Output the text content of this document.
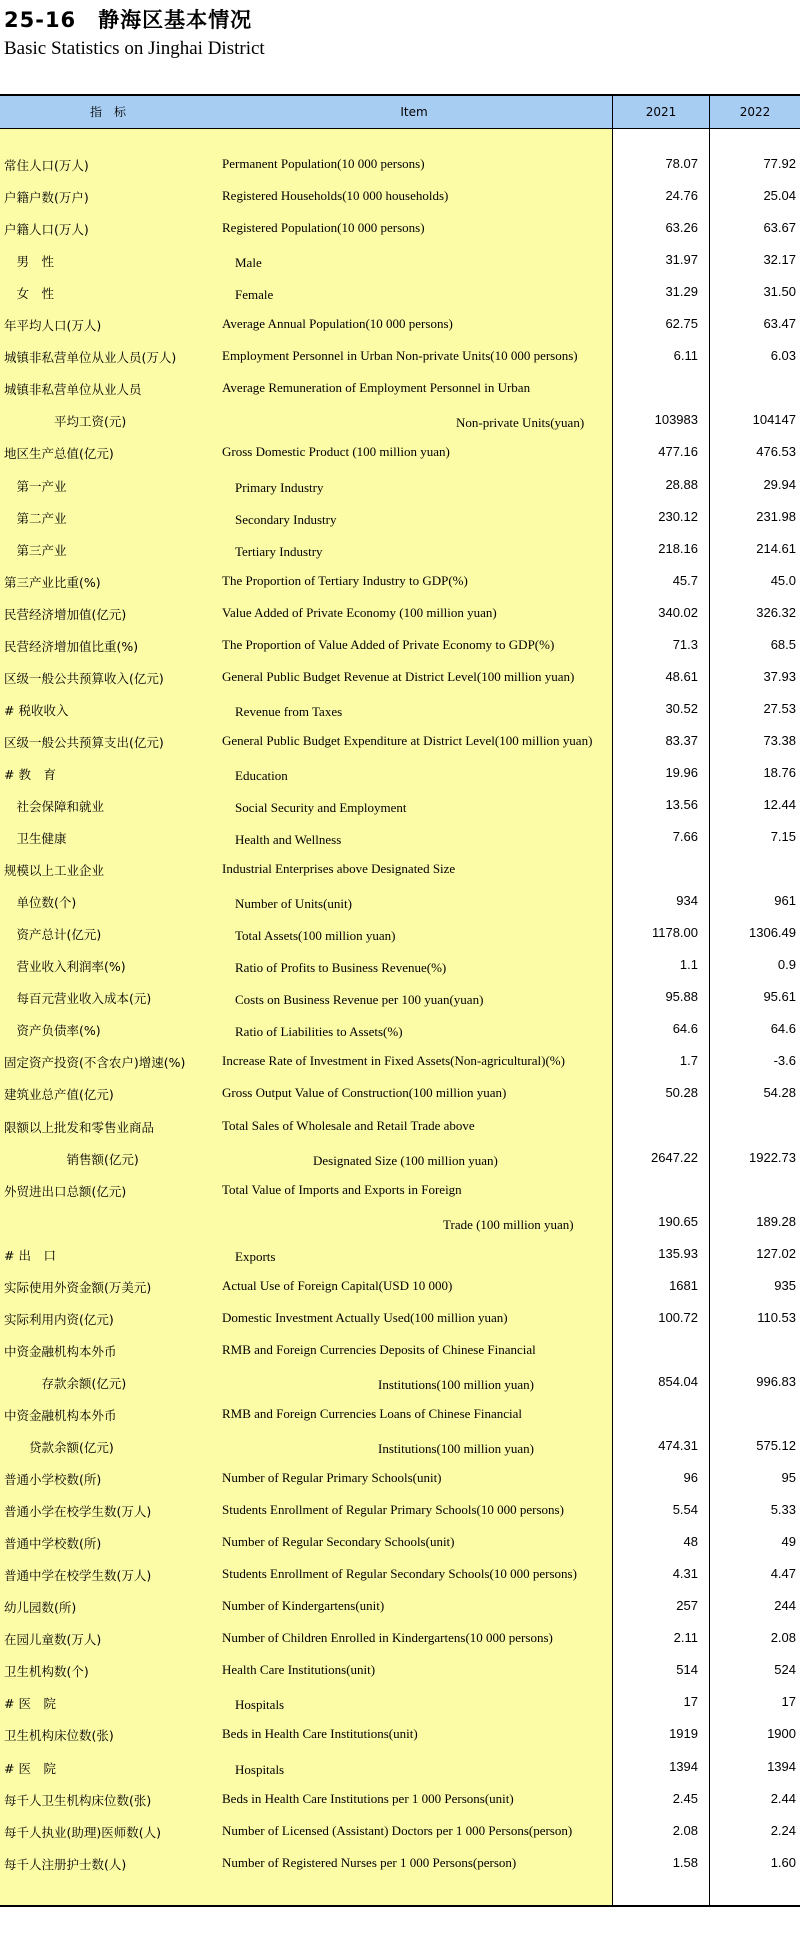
25-16　静海区基本情况
Basic Statistics on Jinghai District
指　标	Item	2021	2022
常住人口(万人)	Permanent Population(10 000 persons)	78.07	77.92
户籍户数(万户)	Registered Households(10 000 households)	24.76	25.04
户籍人口(万人)	Registered Population(10 000 persons)	63.26	63.67
　男　性	　Male	31.97	32.17
　女　性	　Female	31.29	31.50
年平均人口(万人)	Average Annual Population(10 000 persons)	62.75	63.47
城镇非私营单位从业人员(万人)	Employment Personnel in Urban Non-private Units(10 000 persons)	6.11	6.03
城镇非私营单位从业人员	Average Remuneration of Employment Personnel in Urban
　　　　平均工资(元)	　　　　　　　　　　　　　　　　　　Non-private Units(yuan)	103983	104147
地区生产总值(亿元)	Gross Domestic Product (100 million yuan)	477.16	476.53
　第一产业	　Primary Industry	28.88	29.94
　第二产业	　Secondary Industry	230.12	231.98
　第三产业	　Tertiary Industry	218.16	214.61
第三产业比重(%)	The Proportion of Tertiary Industry to GDP(%)	45.7	45.0
民营经济增加值(亿元)	Value Added of Private Economy (100 million yuan)	340.02	326.32
民营经济增加值比重(%)	The Proportion of Value Added of Private Economy to GDP(%)	71.3	68.5
区级一般公共预算收入(亿元)	General Public Budget Revenue at District Level(100 million yuan)	48.61	37.93
# 税收收入	　Revenue from Taxes	30.52	27.53
区级一般公共预算支出(亿元)	General Public Budget Expenditure at District Level(100 million yuan)	83.37	73.38
# 教　育	　Education	19.96	18.76
　社会保障和就业	　Social Security and Employment	13.56	12.44
　卫生健康	　Health and Wellness	7.66	7.15
规模以上工业企业	Industrial Enterprises above Designated Size
　单位数(个)	　Number of Units(unit)	934	961
　资产总计(亿元)	　Total Assets(100 million yuan)	1178.00	1306.49
　营业收入利润率(%)	　Ratio of Profits to Business Revenue(%)	1.1	0.9
　每百元营业收入成本(元)	　Costs on Business Revenue per 100 yuan(yuan)	95.88	95.61
　资产负债率(%)	　Ratio of Liabilities to Assets(%)	64.6	64.6
固定资产投资(不含农户)增速(%)	Increase Rate of Investment in Fixed Assets(Non-agricultural)(%)	1.7	-3.6
建筑业总产值(亿元)	Gross Output Value of Construction(100 million yuan)	50.28	54.28
限额以上批发和零售业商品	Total Sales of Wholesale and Retail Trade above
　　　　　销售额(亿元)	　　　　　　　Designated Size (100 million yuan)	2647.22	1922.73
外贸进出口总额(亿元)	Total Value of Imports and Exports in Foreign
　　　　　　　　　　　　　　　　　Trade (100 million yuan)	190.65	189.28
# 出　口	　Exports	135.93	127.02
实际使用外资金额(万美元)	Actual Use of Foreign Capital(USD 10 000)	1681	935
实际利用内资(亿元)	Domestic Investment Actually Used(100 million yuan)	100.72	110.53
中资金融机构本外币	RMB and Foreign Currencies Deposits of Chinese Financial
　　　存款余额(亿元)	　　　　　　　　　　　　Institutions(100 million yuan)	854.04	996.83
中资金融机构本外币	RMB and Foreign Currencies Loans of Chinese Financial
　　贷款余额(亿元)	　　　　　　　　　　　　Institutions(100 million yuan)	474.31	575.12
普通小学校数(所)	Number of Regular Primary Schools(unit)	96	95
普通小学在校学生数(万人)	Students Enrollment of Regular Primary Schools(10 000 persons)	5.54	5.33
普通中学校数(所)	Number of Regular Secondary Schools(unit)	48	49
普通中学在校学生数(万人)	Students Enrollment of Regular Secondary Schools(10 000 persons)	4.31	4.47
幼儿园数(所)	Number of Kindergartens(unit)	257	244
在园儿童数(万人)	Number of Children Enrolled in Kindergartens(10 000 persons)	2.11	2.08
卫生机构数(个)	Health Care Institutions(unit)	514	524
# 医　院	　Hospitals	17	17
卫生机构床位数(张)	Beds in Health Care Institutions(unit)	1919	1900
# 医　院	　Hospitals	1394	1394
每千人卫生机构床位数(张)	Beds in Health Care Institutions per 1 000 Persons(unit)	2.45	2.44
每千人执业(助理)医师数(人)	Number of Licensed (Assistant) Doctors per 1 000 Persons(person)	2.08	2.24
每千人注册护士数(人)	Number of Registered Nurses per 1 000 Persons(person)	1.58	1.60
